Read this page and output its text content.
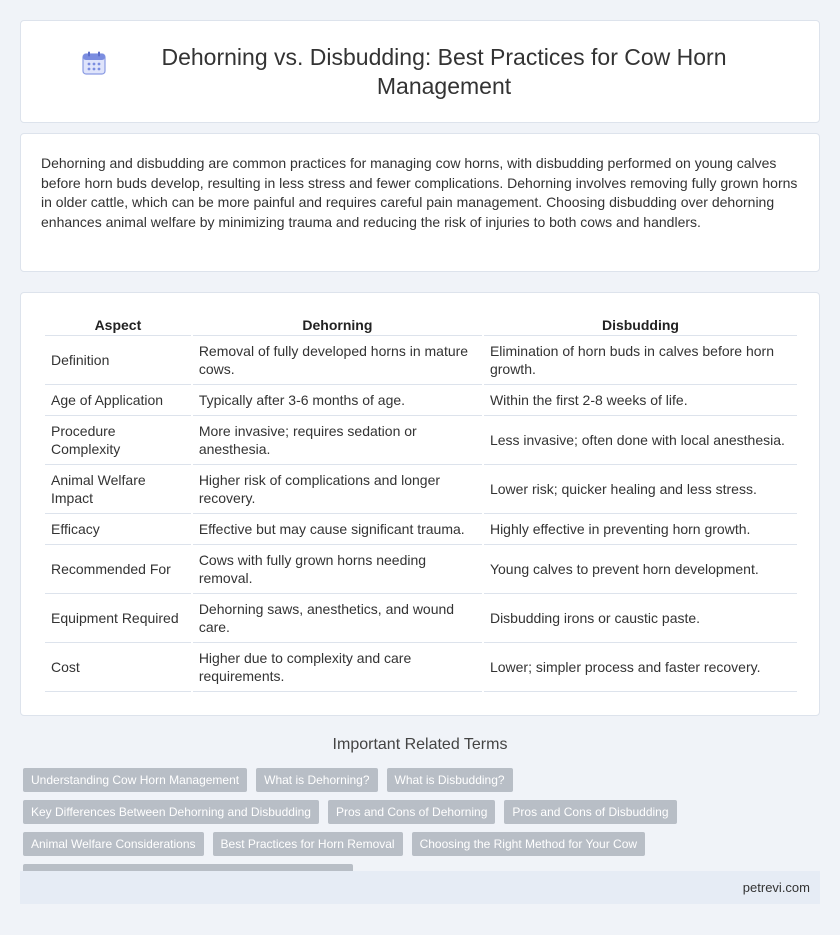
Dehorning vs. Disbudding: Best Practices for Cow Horn Management

Dehorning and disbudding are common practices for managing cow horns, with disbudding performed on young calves before horn buds develop, resulting in less stress and fewer complications. Dehorning involves removing fully grown horns in older cattle, which can be more painful and requires careful pain management. Choosing disbudding over dehorning enhances animal welfare by minimizing trauma and reducing the risk of injuries to both cows and handlers.

Aspect	Dehorning	Disbudding
Definition	Removal of fully developed horns in mature cows.	Elimination of horn buds in calves before horn growth.
Age of Application	Typically after 3-6 months of age.	Within the first 2-8 weeks of life.
Procedure Complexity	More invasive; requires sedation or anesthesia.	Less invasive; often done with local anesthesia.
Animal Welfare Impact	Higher risk of complications and longer recovery.	Lower risk; quicker healing and less stress.
Efficacy	Effective but may cause significant trauma.	Highly effective in preventing horn growth.
Recommended For	Cows with fully grown horns needing removal.	Young calves to prevent horn development.
Equipment Required	Dehorning saws, anesthetics, and wound care.	Disbudding irons or caustic paste.
Cost	Higher due to complexity and care requirements.	Lower; simpler process and faster recovery.
Important Related Terms
Understanding Cow Horn Management	What is Dehorning?	What is Disbudding?
Key Differences Between Dehorning and Disbudding	Pros and Cons of Dehorning	Pros and Cons of Disbudding
Animal Welfare Considerations	Best Practices for Horn Removal	Choosing the Right Method for Your Cow
petrevi.com
